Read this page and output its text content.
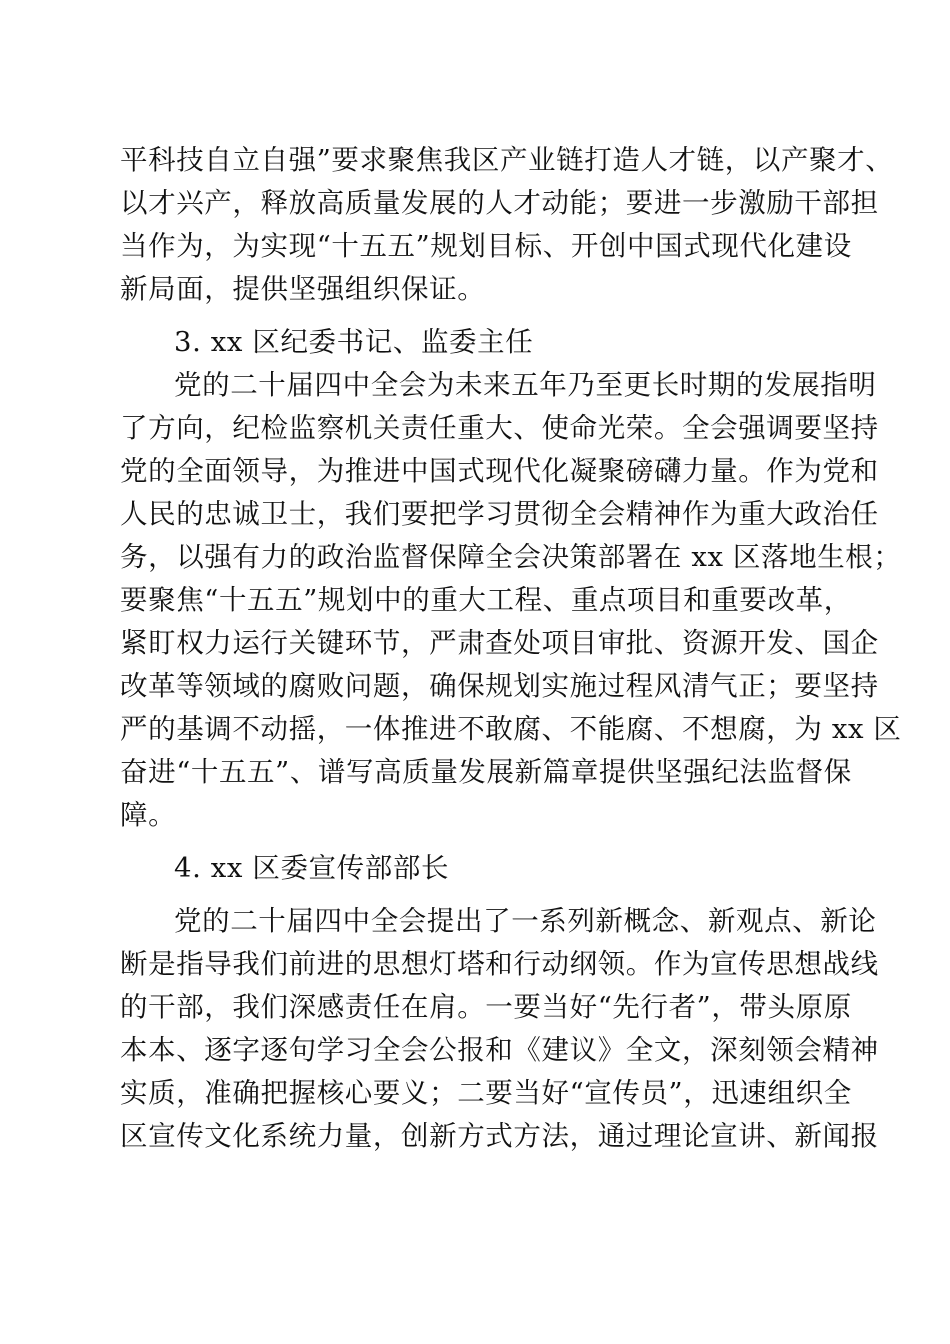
平科技自立自强”要求聚焦我区产业链打造人才链，以产聚才、
以才兴产，释放高质量发展的人才动能；要进一步激励干部担
当作为，为实现“十五五”规划目标、开创中国式现代化建设
新局面，提供坚强组织保证。
3. xx 区纪委书记、监委主任
党的二十届四中全会为未来五年乃至更长时期的发展指明
了方向，纪检监察机关责任重大、使命光荣。全会强调要坚持
党的全面领导，为推进中国式现代化凝聚磅礴力量。作为党和
人民的忠诚卫士，我们要把学习贯彻全会精神作为重大政治任
务，以强有力的政治监督保障全会决策部署在 xx 区落地生根；
要聚焦“十五五”规划中的重大工程、重点项目和重要改革，
紧盯权力运行关键环节，严肃查处项目审批、资源开发、国企
改革等领域的腐败问题，确保规划实施过程风清气正；要坚持
严的基调不动摇，一体推进不敢腐、不能腐、不想腐，为 xx 区
奋进“十五五”、谱写高质量发展新篇章提供坚强纪法监督保
障。
4. xx 区委宣传部部长
党的二十届四中全会提出了一系列新概念、新观点、新论
断是指导我们前进的思想灯塔和行动纲领。作为宣传思想战线
的干部，我们深感责任在肩。一要当好“先行者”，带头原原
本本、逐字逐句学习全会公报和《建议》全文，深刻领会精神
实质，准确把握核心要义；二要当好“宣传员”，迅速组织全
区宣传文化系统力量，创新方式方法，通过理论宣讲、新闻报
